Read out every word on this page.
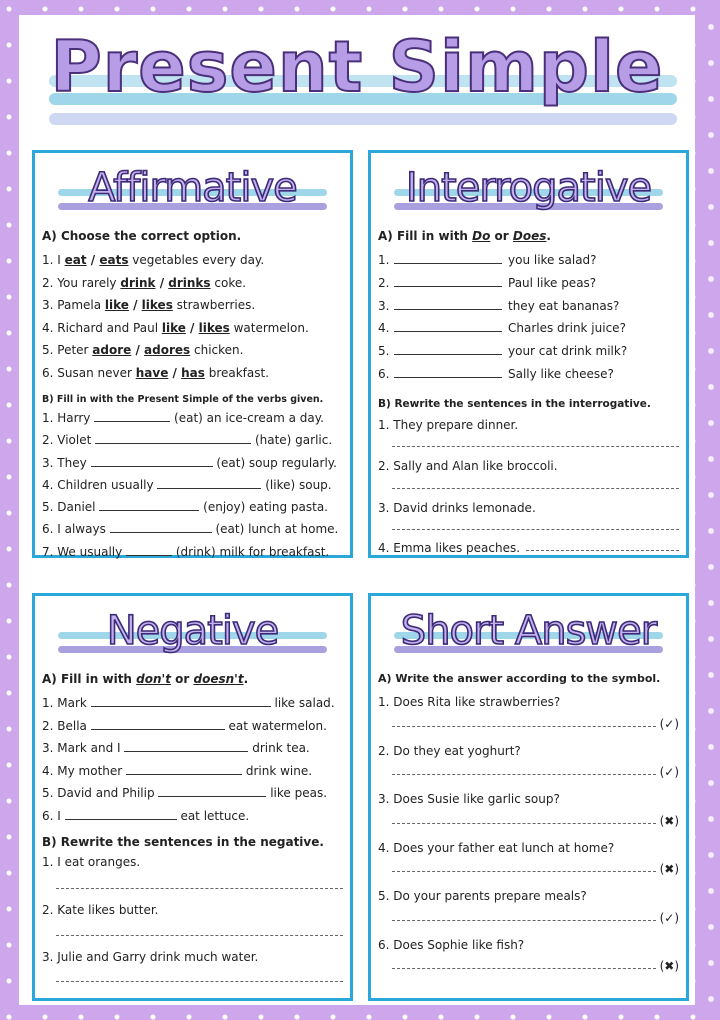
Present Simple
Affirmative
A) Choose the correct option.
1. I eat / eats vegetables every day.
2. You rarely drink / drinks coke.
3. Pamela like / likes strawberries.
4. Richard and Paul like / likes watermelon.
5. Peter adore / adores chicken.
6. Susan never have / has breakfast.
B) Fill in with the Present Simple of the verbs given.
1. Harry	(eat) an ice-cream a day.
2. Violet	(hate) garlic.
3. They	(eat) soup regularly.
4. Children usually	(like) soup.
5. Daniel	(enjoy) eating pasta.
6. I always	(eat) lunch at home.
7. We usually	(drink) milk for breakfast.
Interrogative
A) Fill in with Do or Does.
1.	you like salad?
2.	Paul like peas?
3.	they eat bananas?
4.	Charles drink juice?
5.	your cat drink milk?
6.	Sally like cheese?
B) Rewrite the sentences in the interrogative.
1. They prepare dinner.
2. Sally and Alan like broccoli.
3. David drinks lemonade.
4. Emma likes peaches.
Negative
A) Fill in with don't or doesn't.
1. Mark	like salad.
2. Bella	eat watermelon.
3. Mark and I	drink tea.
4. My mother	drink wine.
5. David and Philip	like peas.
6. I	eat lettuce.
B) Rewrite the sentences in the negative.
1. I eat oranges.
2. Kate likes butter.
3. Julie and Garry drink much water.
Short Answer
A) Write the answer according to the symbol.
1. Does Rita like strawberries?
(✓)
2. Do they eat yoghurt?
(✓)
3. Does Susie like garlic soup?
(✖)
4. Does your father eat lunch at home?
(✖)
5. Do your parents prepare meals?
(✓)
6. Does Sophie like fish?
(✖)
